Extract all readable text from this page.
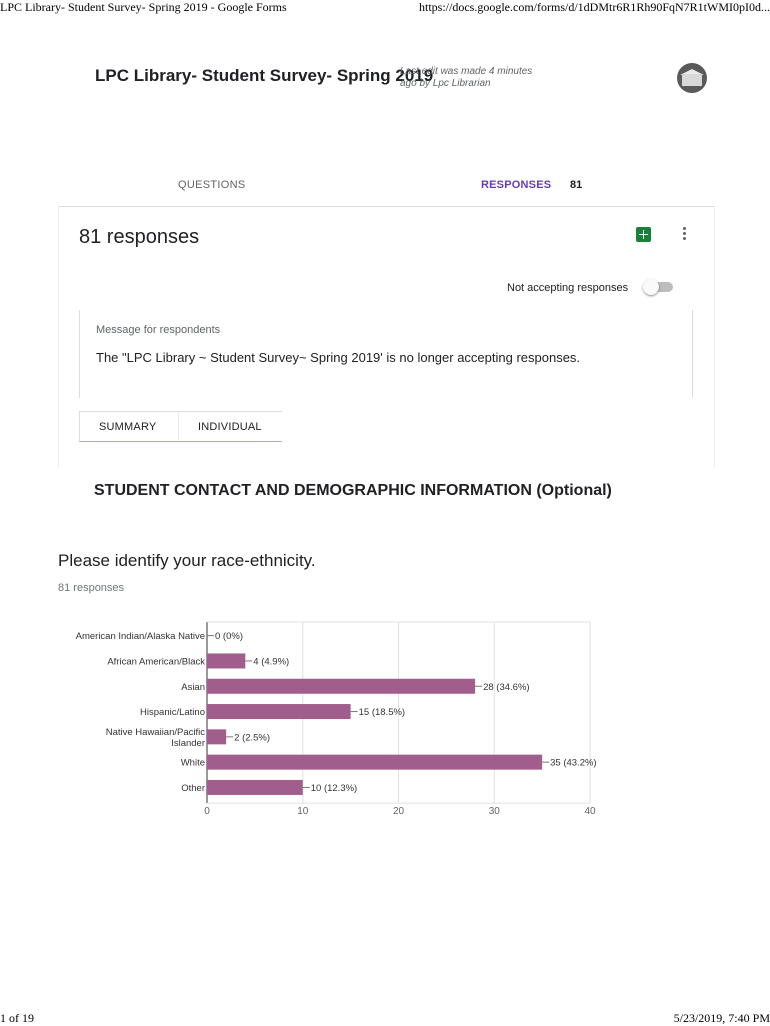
LPC Library- Student Survey- Spring 2019 - Google Forms	https://docs.google.com/forms/d/1dDMtr6R1Rh90FqN7R1tWMI0pI0d...
LPC Library- Student Survey- Spring 2019
Last edit was made 4 minutes ago by Lpc Librarian
QUESTIONS	RESPONSES 81
81 responses
Not accepting responses
Message for respondents
The "LPC Library ~ Student Survey~ Spring 2019' is no longer accepting responses.
SUMMARY	INDIVIDUAL
STUDENT CONTACT AND DEMOGRAPHIC INFORMATION (Optional)
Please identify your race-ethnicity.
81 responses
0	10	20	30	40
American Indian/Alaska Native 0 (0%)
African American/Black	4 (4.9%)
Asian	28 (34.6%)
Hispanic/Latino	15 (18.5%)
Native Hawaiian/Pacific
Islander	2 (2.5%)
White	35 (43.2%)
Other	10 (12.3%)
1 of 19	5/23/2019, 7:40 PM
